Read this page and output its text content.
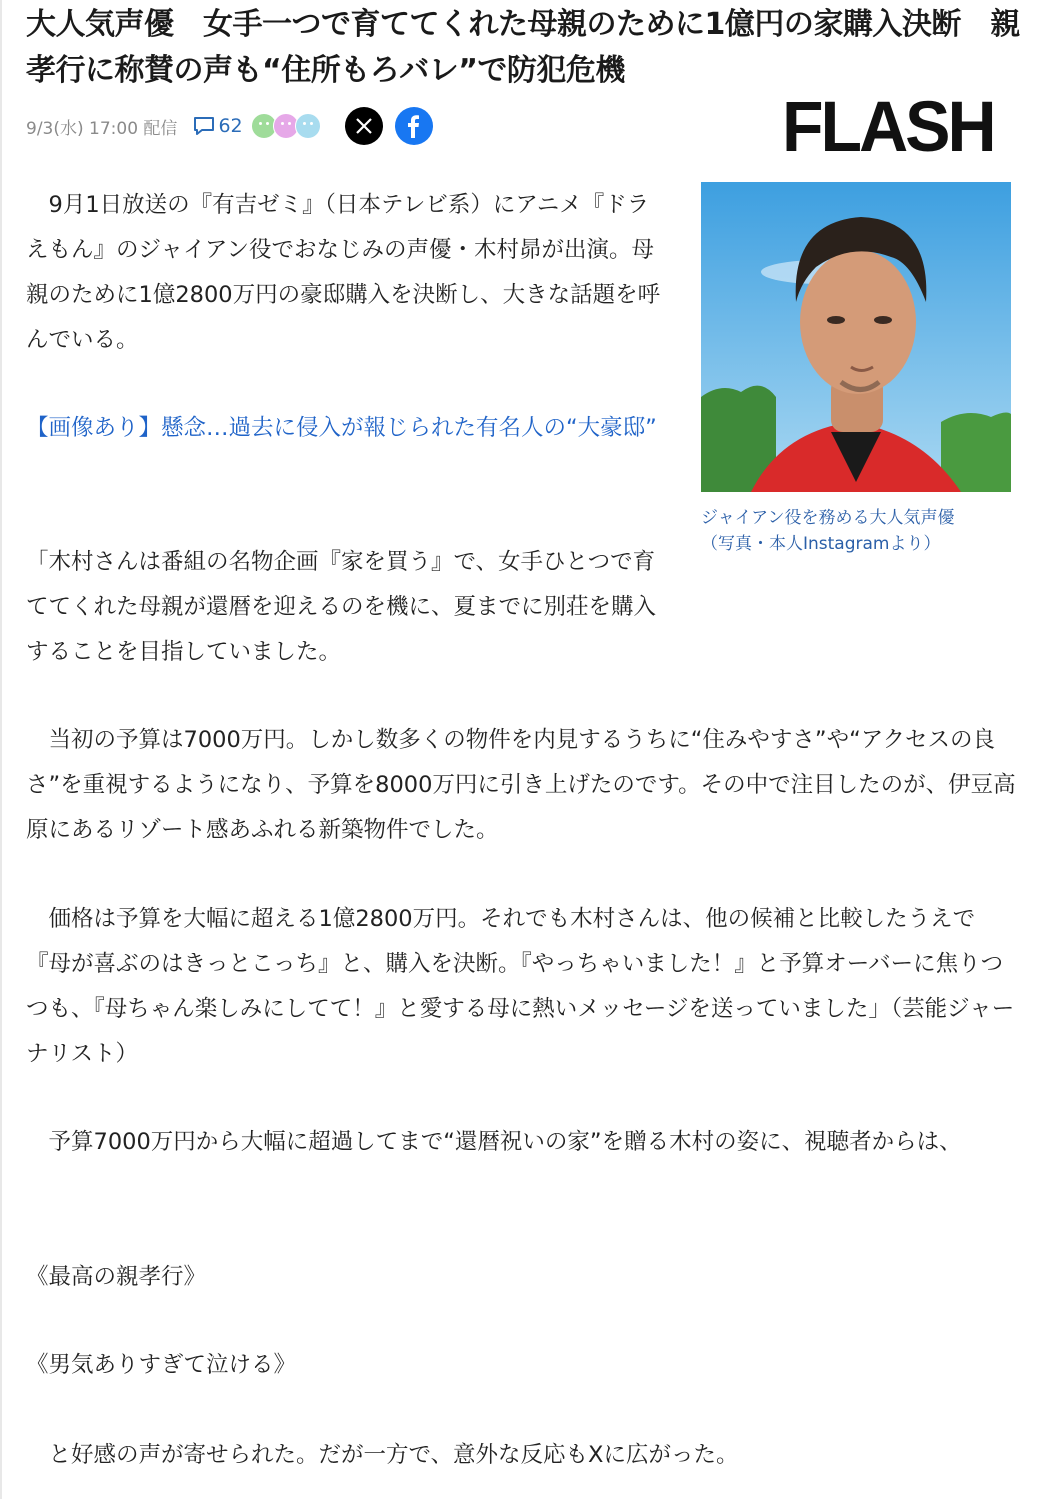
大人気声優　女手一つで育ててくれた母親のために1億円の家購入決断　親孝行に称賛の声も“住所もろバレ”で防犯危機
9/3(水) 17:00 配信 62	FLASH
ジャイアン役を務める大人気声優
（写真・本人Instagramより）

　9月1日放送の『有吉ゼミ』（日本テレビ系）にアニメ『ドラえもん』のジャイアン役でおなじみの声優・木村昴が出演。母親のために1億2800万円の豪邸購入を決断し、大きな話題を呼んでいる。

【画像あり】懸念…過去に侵入が報じられた有名人の“大豪邸”

「木村さんは番組の名物企画『家を買う』で、女手ひとつで育ててくれた母親が還暦を迎えるのを機に、夏までに別荘を購入することを目指していました。

　当初の予算は7000万円。しかし数多くの物件を内見するうちに“住みやすさ”や“アクセスの良さ”を重視するようになり、予算を8000万円に引き上げたのです。その中で注目したのが、伊豆高原にあるリゾート感あふれる新築物件でした。

　価格は予算を大幅に超える1億2800万円。それでも木村さんは、他の候補と比較したうえで『母が喜ぶのはきっとこっち』と、購入を決断。『やっちゃいました！』と予算オーバーに焦りつつも、『母ちゃん楽しみにしてて！』と愛する母に熱いメッセージを送っていました」（芸能ジャーナリスト）

　予算7000万円から大幅に超過してまで“還暦祝いの家”を贈る木村の姿に、視聴者からは、

《最高の親孝行》

《男気ありすぎて泣ける》

　と好感の声が寄せられた。だが一方で、意外な反応もXに広がった。
